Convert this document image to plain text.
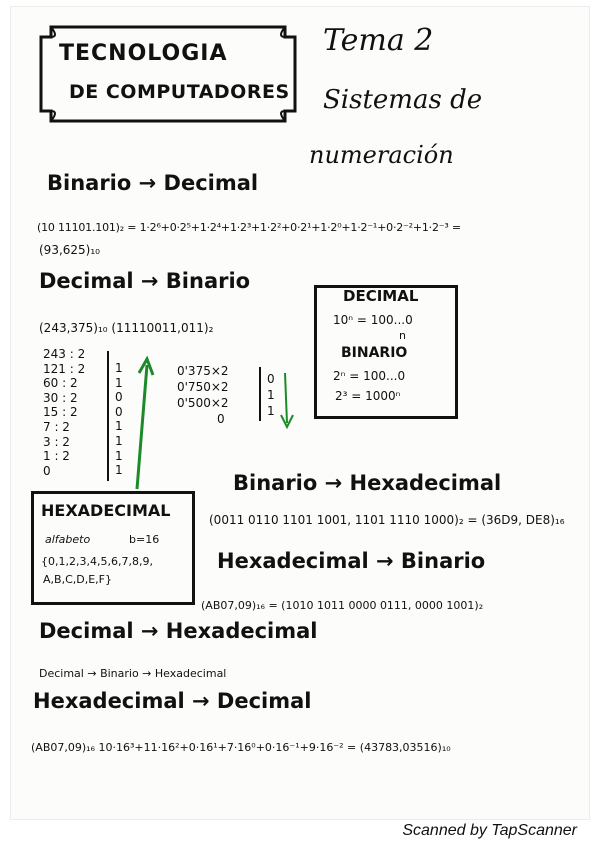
TECNOLOGIA
DE COMPUTADORES
Tema 2
Sistemas de
numeración
Binario → Decimal
(10 11101.101)₂ = 1·2⁶+0·2⁵+1·2⁴+1·2³+1·2²+0·2¹+1·2⁰+1·2⁻¹+0·2⁻²+1·2⁻³ =
(93,625)₁₀
Decimal → Binario
(243,375)₁₀ (11110011,011)₂
243 : 2
121 : 2
60 : 2
30 : 2
15 : 2
7 : 2
3 : 2
1 : 2
0
1
1
0
0
1
1
1
1
0'375×2
0'750×2
0'500×2
0
0
1
1
DECIMAL
10ⁿ = 100...0
n
BINARIO
2ⁿ = 100...0
2³ = 1000ⁿ
Binario → Hexadecimal
(0011 0110 1101 1001, 1101 1110 1000)₂ = (36D9, DE8)₁₆
HEXADECIMAL
alfabeto	b=16
{0,1,2,3,4,5,6,7,8,9,
A,B,C,D,E,F}
Hexadecimal → Binario
(AB07,09)₁₆ = (1010 1011 0000 0111, 0000 1001)₂
Decimal → Hexadecimal
Decimal → Binario → Hexadecimal
Hexadecimal → Decimal
(AB07,09)₁₆ 10·16³+11·16²+0·16¹+7·16⁰+0·16⁻¹+9·16⁻² = (43783,03516)₁₀
Scanned by TapScanner
